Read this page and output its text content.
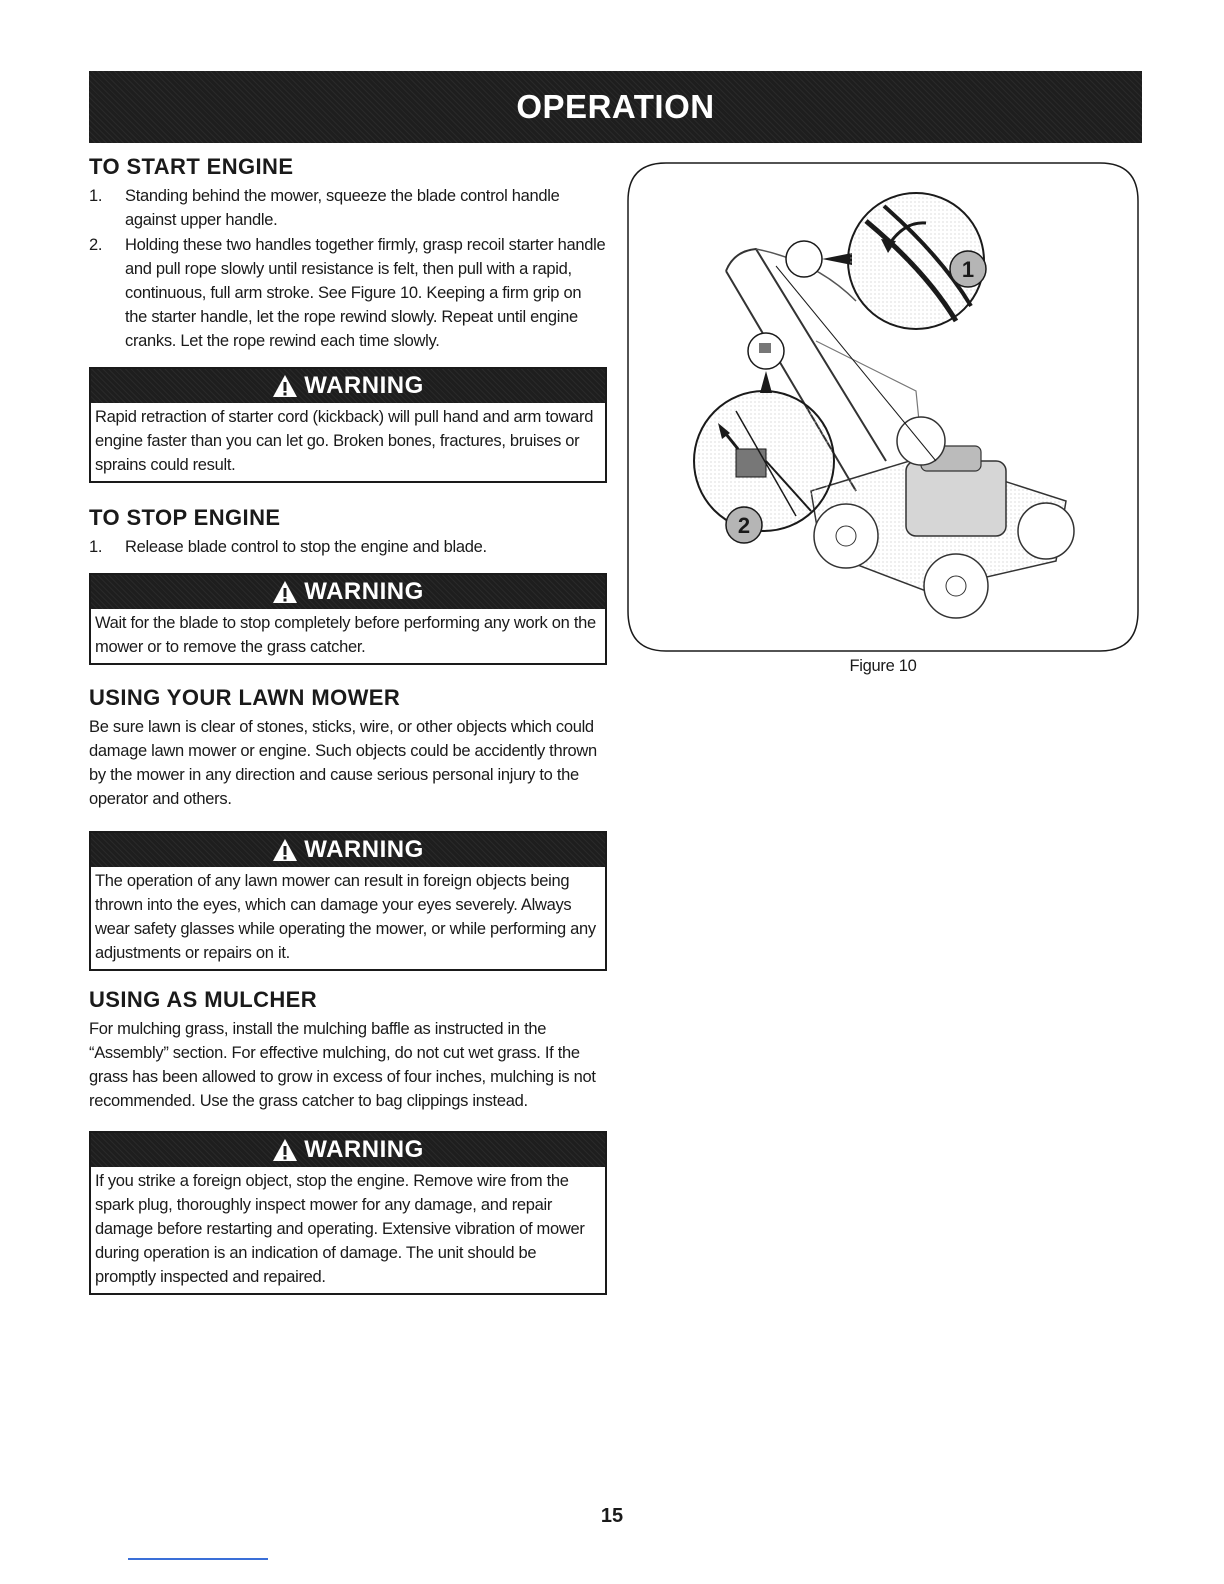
OPERATION
TO START ENGINE
1. Standing behind the mower, squeeze the blade control handle against upper handle.
2. Holding these two handles together firmly, grasp recoil starter handle and pull rope slowly until resistance is felt, then pull with a rapid, continuous, full arm stroke. See Figure 10. Keeping a firm grip on the starter handle, let the rope rewind slowly. Repeat until engine cranks. Let the rope rewind each time slowly.
WARNING
Rapid retraction of starter cord (kickback) will pull hand and arm toward engine faster than you can let go. Broken bones, fractures, bruises or sprains could result.
TO STOP ENGINE
1. Release blade control to stop the engine and blade.
WARNING
Wait for the blade to stop completely before performing any work on the mower or to remove the grass catcher.
USING YOUR LAWN MOWER

Be sure lawn is clear of stones, sticks, wire, or other objects which could damage lawn mower or engine. Such objects could be accidently thrown by the mower in any direction and cause serious personal injury to the operator and others.

WARNING
The operation of any lawn mower can result in foreign objects being thrown into the eyes, which can damage your eyes severely. Always wear safety glasses while operating the mower, or while performing any adjustments or repairs on it.
USING AS MULCHER

For mulching grass, install the mulching baffle as instructed in the “Assembly” section. For effective mulching, do not cut wet grass. If the grass has been allowed to grow in excess of four inches, mulching is not recommended. Use the grass catcher to bag clippings instead.

WARNING
If you strike a foreign object, stop the engine. Remove wire from the spark plug, thoroughly inspect mower for any damage, and repair damage before restarting and operating. Extensive vibration of mower during operation is an indication of damage. The unit should be promptly inspected and repaired.
1
2
Figure 10
15
